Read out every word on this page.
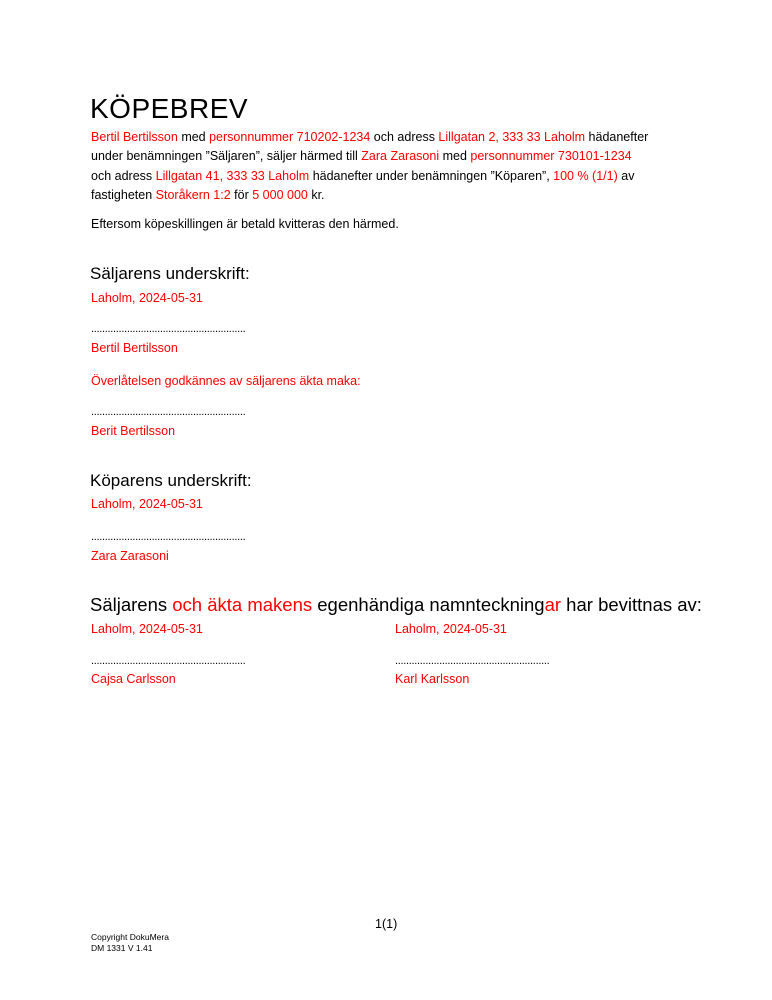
KÖPEBREV

Bertil Bertilsson med personnummer 710202-1234 och adress Lillgatan 2, 333 33 Laholm hädanefter

under benämningen ”Säljaren”, säljer härmed till Zara Zarasoni med personnummer 730101-1234

och adress Lillgatan 41, 333 33 Laholm hädanefter under benämningen ”Köparen”, 100 % (1/1) av

fastigheten Storåkern 1:2 för 5 000 000 kr.

Eftersom köpeskillingen är betald kvitteras den härmed.
Säljarens underskrift:
Laholm, 2024-05-31
........................................................
Bertil Bertilsson
Överlåtelsen godkännes av säljarens äkta maka:
........................................................
Berit Bertilsson
Köparens underskrift:
Laholm, 2024-05-31
........................................................
Zara Zarasoni
Säljarens och äkta makens egenhändiga namnteckningar har bevittnas av:
Laholm, 2024-05-31
........................................................
Cajsa Carlsson
Laholm, 2024-05-31
........................................................
Karl Karlsson
1(1)
Copyright DokuMera
DM 1331 V 1.41
